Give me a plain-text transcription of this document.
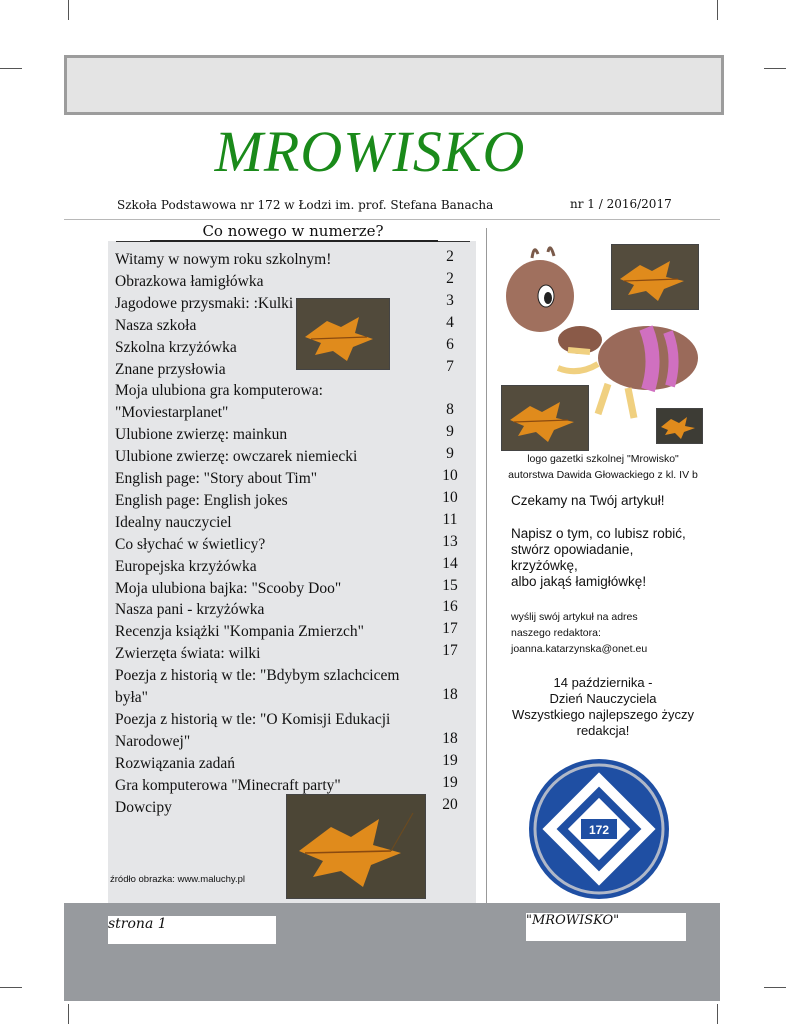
MROWISKO
Szkoła Podstawowa nr 172 w Łodzi im. prof. Stefana Banacha	nr 1 / 2016/2017
Co nowego w numerze?
Witamy w nowym roku szkolnym!	2
Obrazkowa łamigłówka	2
Jagodowe przysmaki: :Kulki	3
Nasza szkoła	4
Szkolna krzyżówka	6
Znane przysłowia	7
Moja ulubiona gra komputerowa:
"Moviestarplanet"	8
Ulubione zwierzę: mainkun	9
Ulubione zwierzę: owczarek niemiecki	9
English page: "Story about Tim"	10
English page: English jokes	10
Idealny nauczyciel	11
Co słychać w świetlicy?	13
Europejska krzyżówka	14
Moja ulubiona bajka: "Scooby Doo"	15
Nasza pani - krzyżówka	16
Recenzja książki "Kompania Zmierzch"	17
Zwierzęta świata: wilki	17
Poezja z historią w tle: "Bdybym szlachcicem
była"	18
Poezja z historią w tle: "O Komisji Edukacji
Narodowej"	18
Rozwiązania zadań	19
Gra komputerowa "Minecraft party"	19
Dowcipy	20
źródło obrazka: www.maluchy.pl
logo gazetki szkolnej "Mrowisko"
autorstwa Dawida Głowackiego z kl. IV b
Czekamy na Twój artykuł!
Napisz o tym, co lubisz robić,
stwórz opowiadanie,
krzyżówkę,
albo jakąś łamigłówkę!
wyślij swój artykuł na adres
naszego redaktora:
joanna.katarzynska@onet.eu
14 października -
Dzień Nauczyciela
Wszystkiego najlepszego życzy
redakcja!
172
strona 1	"MROWISKO"
